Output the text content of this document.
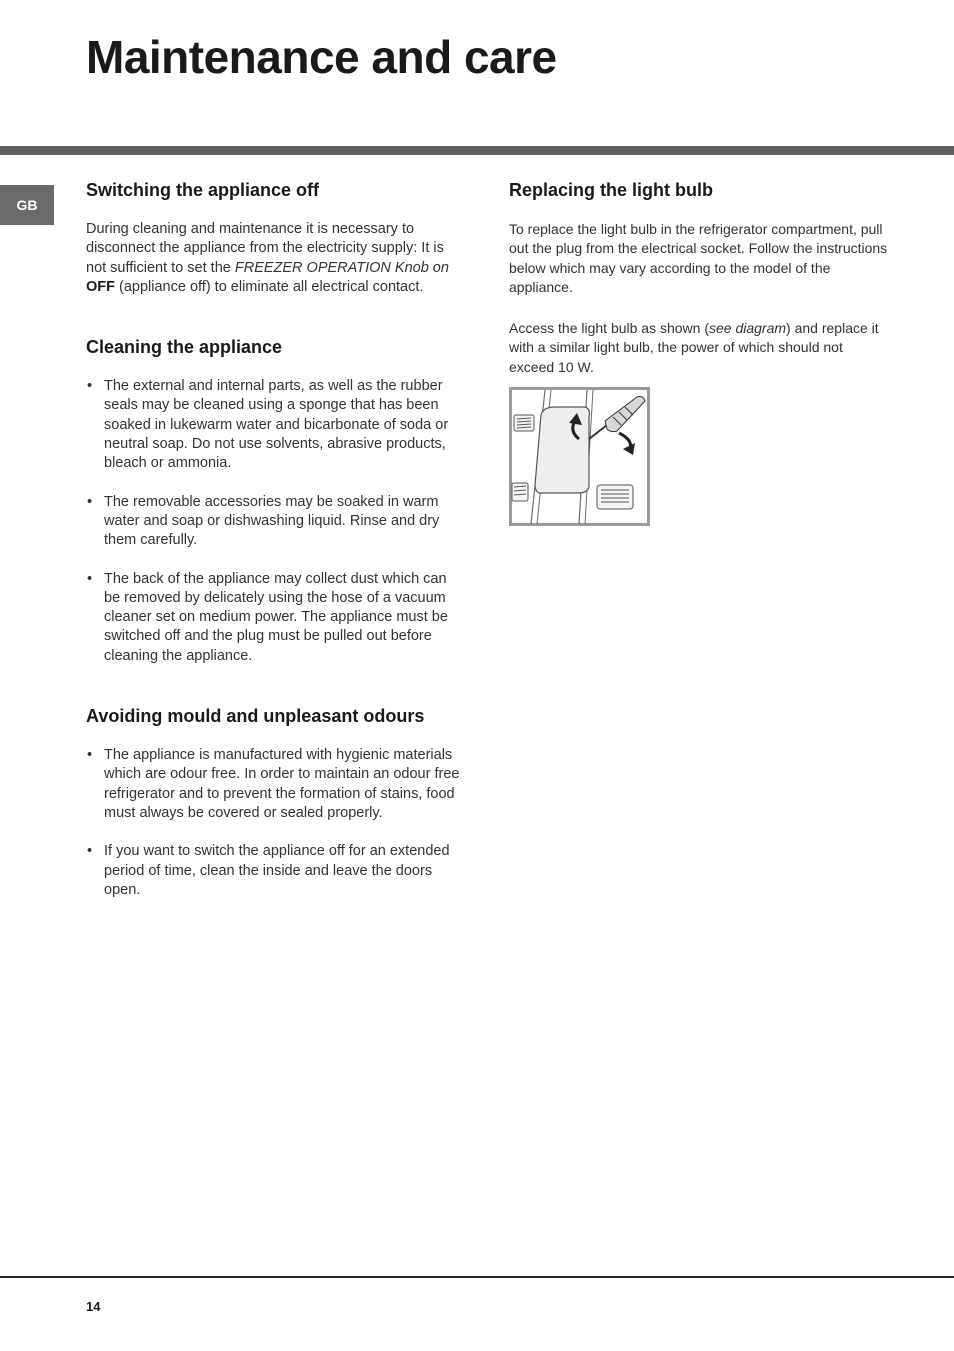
Maintenance and care
GB
Switching the appliance off

During cleaning and maintenance it is necessary to disconnect the appliance from the electricity supply: It is not sufficient to set the FREEZER OPERATION Knob on OFF (appliance off) to eliminate all electrical contact.

Cleaning the appliance
• The external and internal parts, as well as the rubber seals may be cleaned using a sponge that has been soaked in lukewarm water and bicarbonate of soda or neutral soap. Do not use solvents, abrasive products, bleach or ammonia.
• The removable accessories may be soaked in warm water and soap or dishwashing liquid. Rinse and dry them carefully.
• The back of the appliance may collect dust which can be removed by delicately using the hose of a vacuum cleaner set on medium power. The appliance must be switched off and the plug must be pulled out before cleaning the appliance.
Avoiding mould and unpleasant odours
• The appliance is manufactured with hygienic materials which are odour free. In order to maintain an odour free refrigerator and to prevent the formation of stains, food must always be covered or sealed properly.
• If you want to switch the appliance off for an extended period of time, clean the inside and leave the doors open.
Replacing the light bulb

To replace the light bulb in the refrigerator compartment, pull out the plug from the electrical socket. Follow the instructions below which may vary according to the model of the appliance.

Access the light bulb as shown (see diagram) and replace it with a similar light bulb, the power of which should not exceed 10 W.

14
